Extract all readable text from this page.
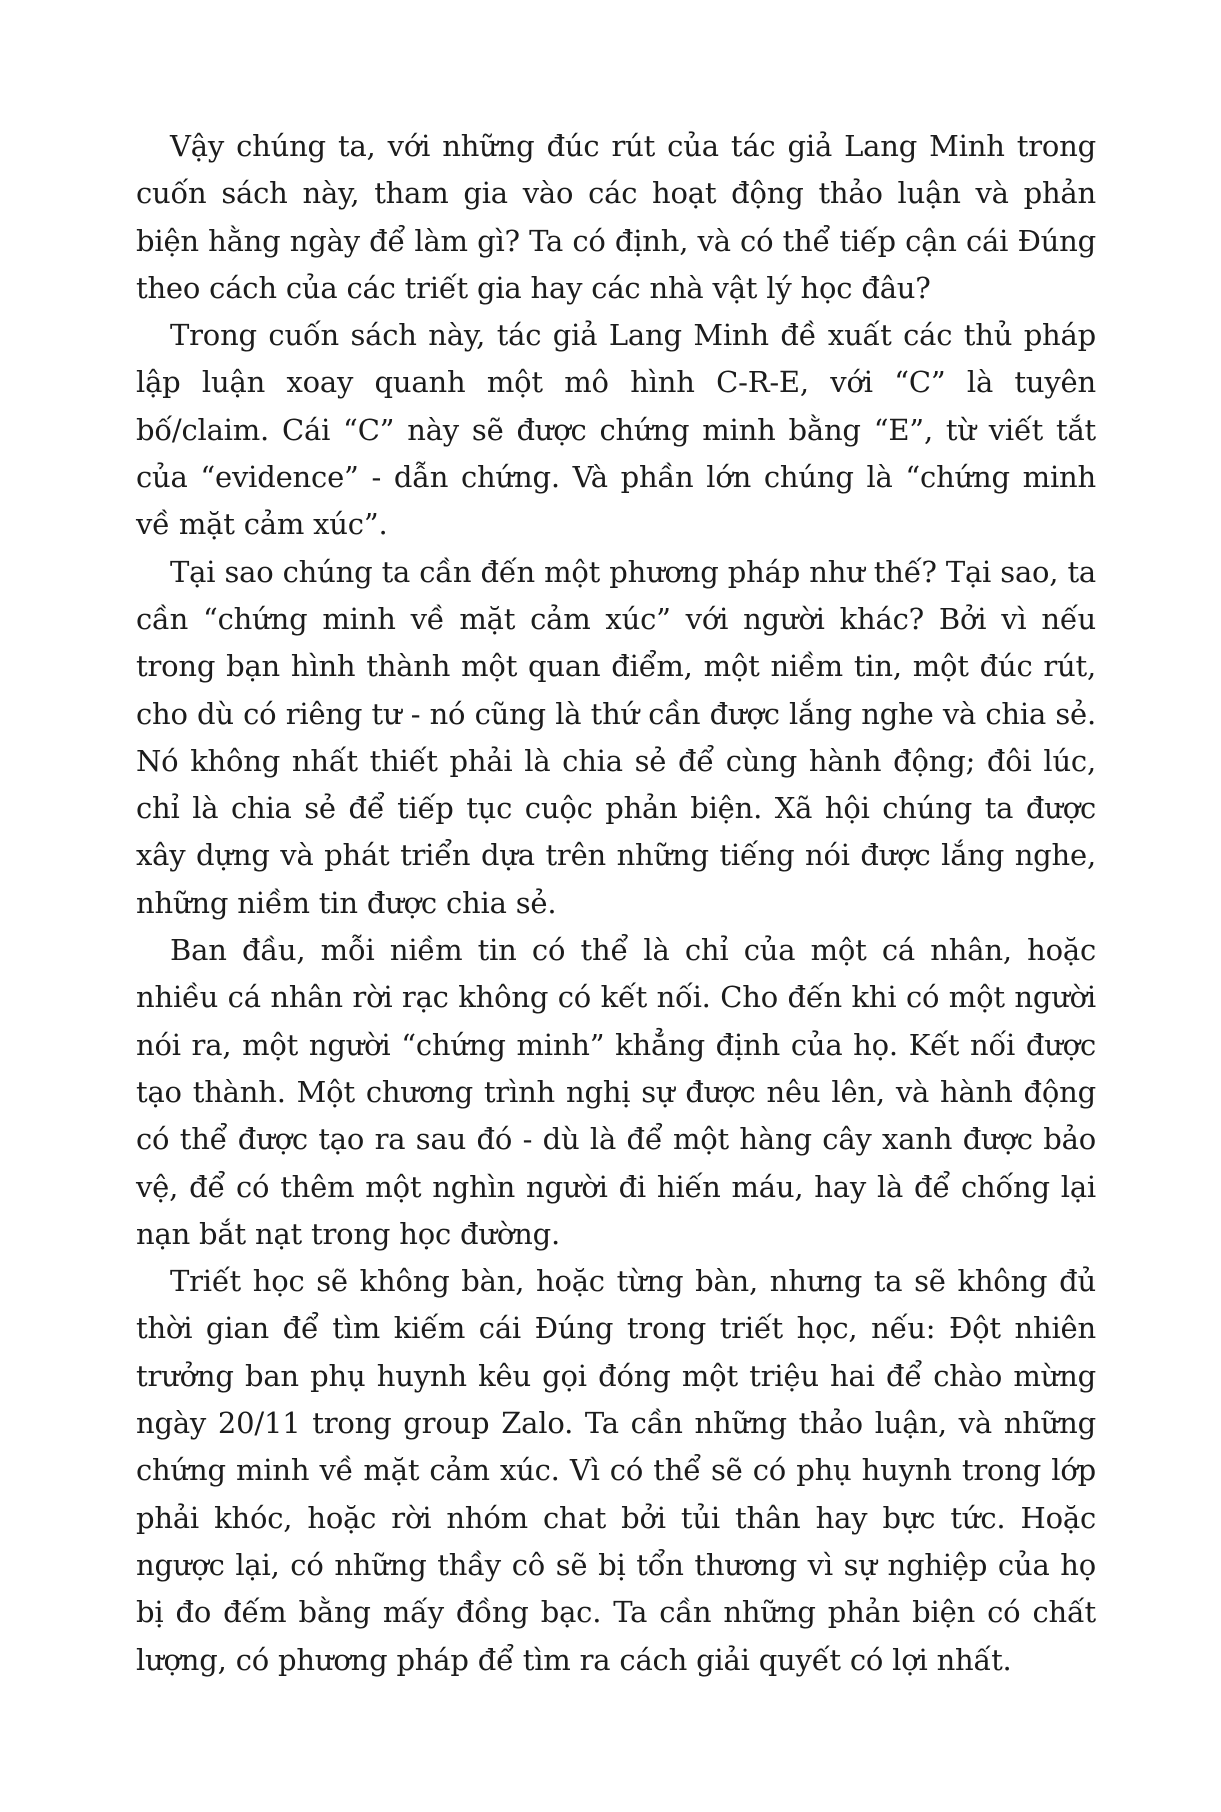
Vậy chúng ta, với những đúc rút của tác giả Lang Minh trong cuốn sách này, tham gia vào các hoạt động thảo luận và phản biện hằng ngày để làm gì? Ta có định, và có thể tiếp cận cái Đúng theo cách của các triết gia hay các nhà vật lý học đâu?

Trong cuốn sách này, tác giả Lang Minh đề xuất các thủ pháp lập luận xoay quanh một mô hình C-R-E, với “C” là tuyên bố/claim. Cái “C” này sẽ được chứng minh bằng “E”, từ viết tắt của “evidence” - dẫn chứng. Và phần lớn chúng là “chứng minh về mặt cảm xúc”.

Tại sao chúng ta cần đến một phương pháp như thế? Tại sao, ta cần “chứng minh về mặt cảm xúc” với người khác? Bởi vì nếu trong bạn hình thành một quan điểm, một niềm tin, một đúc rút, cho dù có riêng tư - nó cũng là thứ cần được lắng nghe và chia sẻ. Nó không nhất thiết phải là chia sẻ để cùng hành động; đôi lúc, chỉ là chia sẻ để tiếp tục cuộc phản biện. Xã hội chúng ta được xây dựng và phát triển dựa trên những tiếng nói được lắng nghe, những niềm tin được chia sẻ.

Ban đầu, mỗi niềm tin có thể là chỉ của một cá nhân, hoặc nhiều cá nhân rời rạc không có kết nối. Cho đến khi có một người nói ra, một người “chứng minh” khẳng định của họ. Kết nối được tạo thành. Một chương trình nghị sự được nêu lên, và hành động có thể được tạo ra sau đó - dù là để một hàng cây xanh được bảo vệ, để có thêm một nghìn người đi hiến máu, hay là để chống lại nạn bắt nạt trong học đường.

Triết học sẽ không bàn, hoặc từng bàn, nhưng ta sẽ không đủ thời gian để tìm kiếm cái Đúng trong triết học, nếu: Đột nhiên trưởng ban phụ huynh kêu gọi đóng một triệu hai để chào mừng ngày 20/11 trong group Zalo. Ta cần những thảo luận, và những chứng minh về mặt cảm xúc. Vì có thể sẽ có phụ huynh trong lớp phải khóc, hoặc rời nhóm chat bởi tủi thân hay bực tức. Hoặc ngược lại, có những thầy cô sẽ bị tổn thương vì sự nghiệp của họ bị đo đếm bằng mấy đồng bạc. Ta cần những phản biện có chất lượng, có phương pháp để tìm ra cách giải quyết có lợi nhất.
